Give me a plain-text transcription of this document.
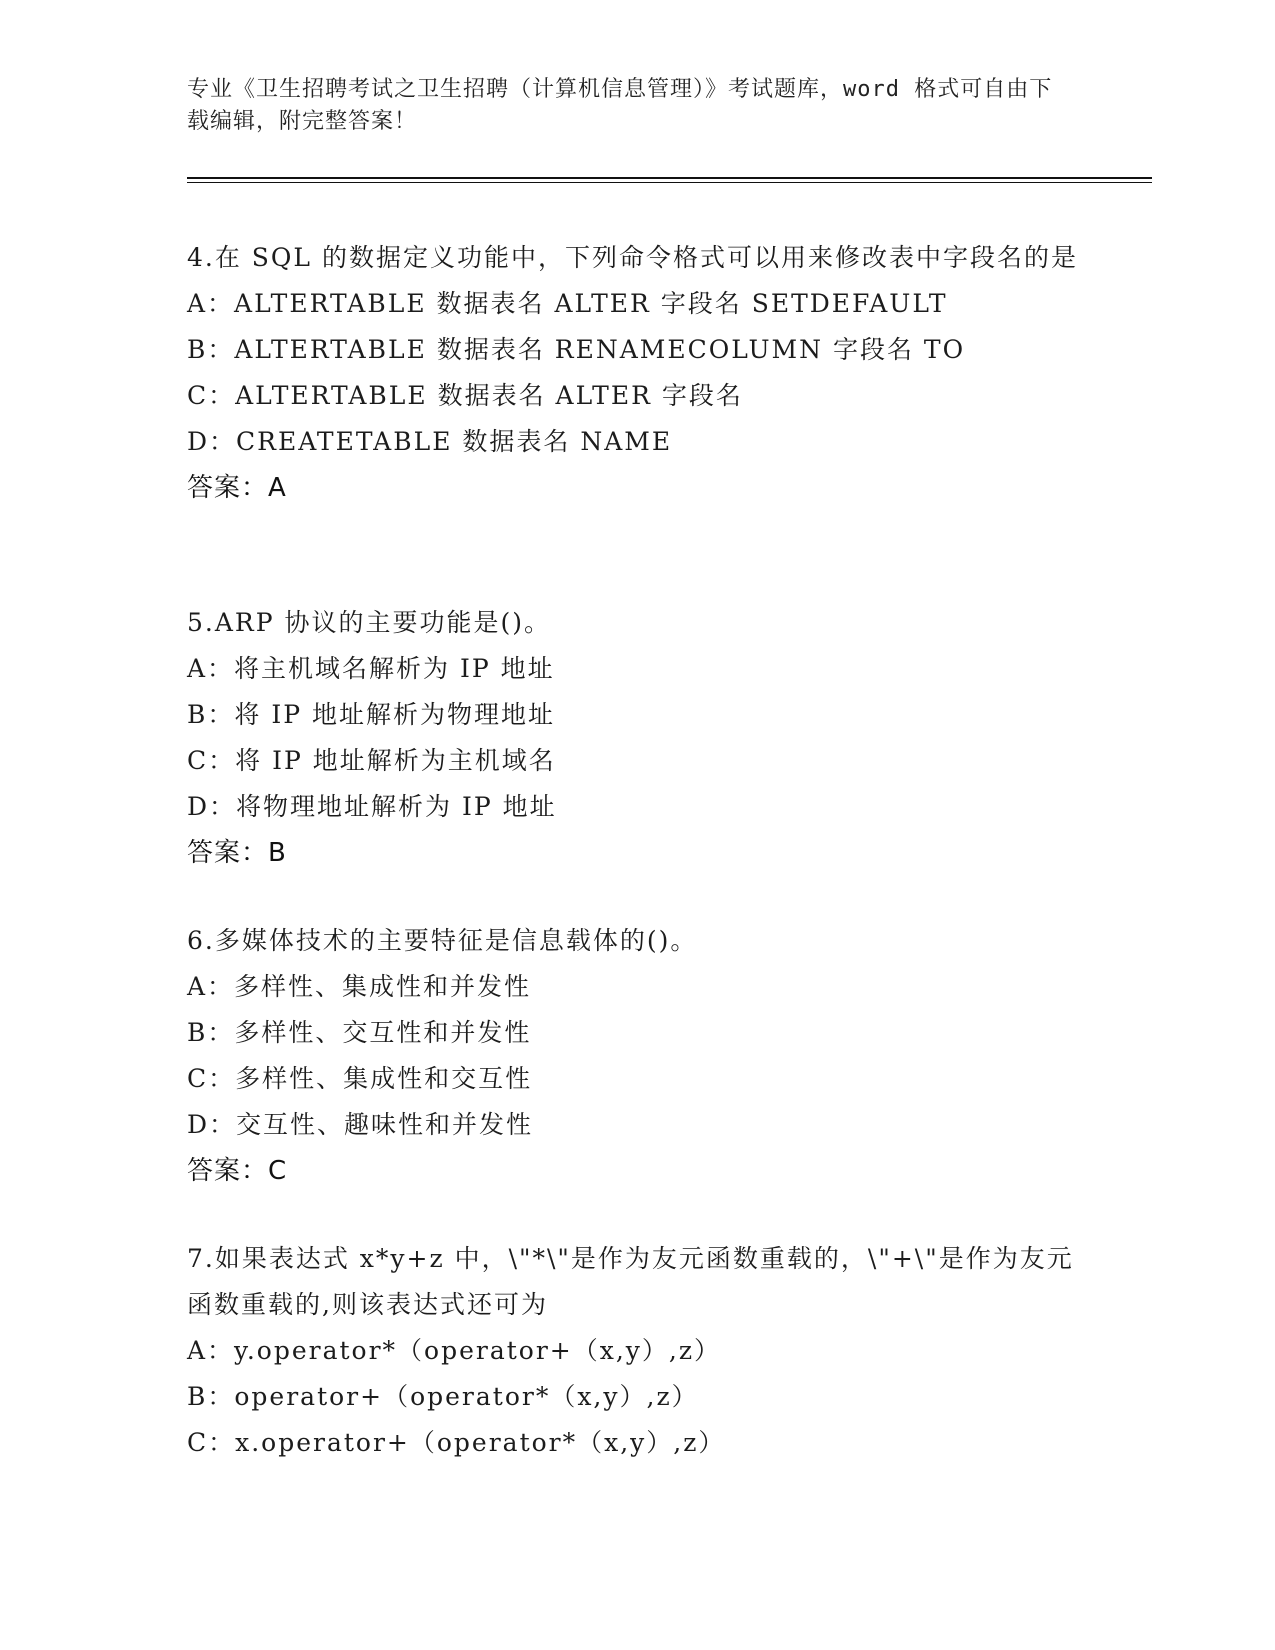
专业《卫生招聘考试之卫生招聘（计算机信息管理）》考试题库，word 格式可自由下载编辑，附完整答案！

4.在 SQL 的数据定义功能中，下列命令格式可以用来修改表中字段名的是

A：ALTERTABLE 数据表名 ALTER 字段名 SETDEFAULT

B：ALTERTABLE 数据表名 RENAMECOLUMN 字段名 TO

C：ALTERTABLE 数据表名 ALTER 字段名

D：CREATETABLE 数据表名 NAME

答案：A

5.ARP 协议的主要功能是()。

A：将主机域名解析为 IP 地址

B：将 IP 地址解析为物理地址

C：将 IP 地址解析为主机域名

D：将物理地址解析为 IP 地址

答案：B

6.多媒体技术的主要特征是信息载体的()。

A：多样性、集成性和并发性

B：多样性、交互性和并发性

C：多样性、集成性和交互性

D：交互性、趣味性和并发性

答案：C

7.如果表达式 x*y+z 中，\"*\"是作为友元函数重载的，\"+\"是作为友元函数重载的,则该表达式还可为

A：y.operator*（operator+（x,y）,z）

B：operator+（operator*（x,y）,z）

C：x.operator+（operator*（x,y）,z）
